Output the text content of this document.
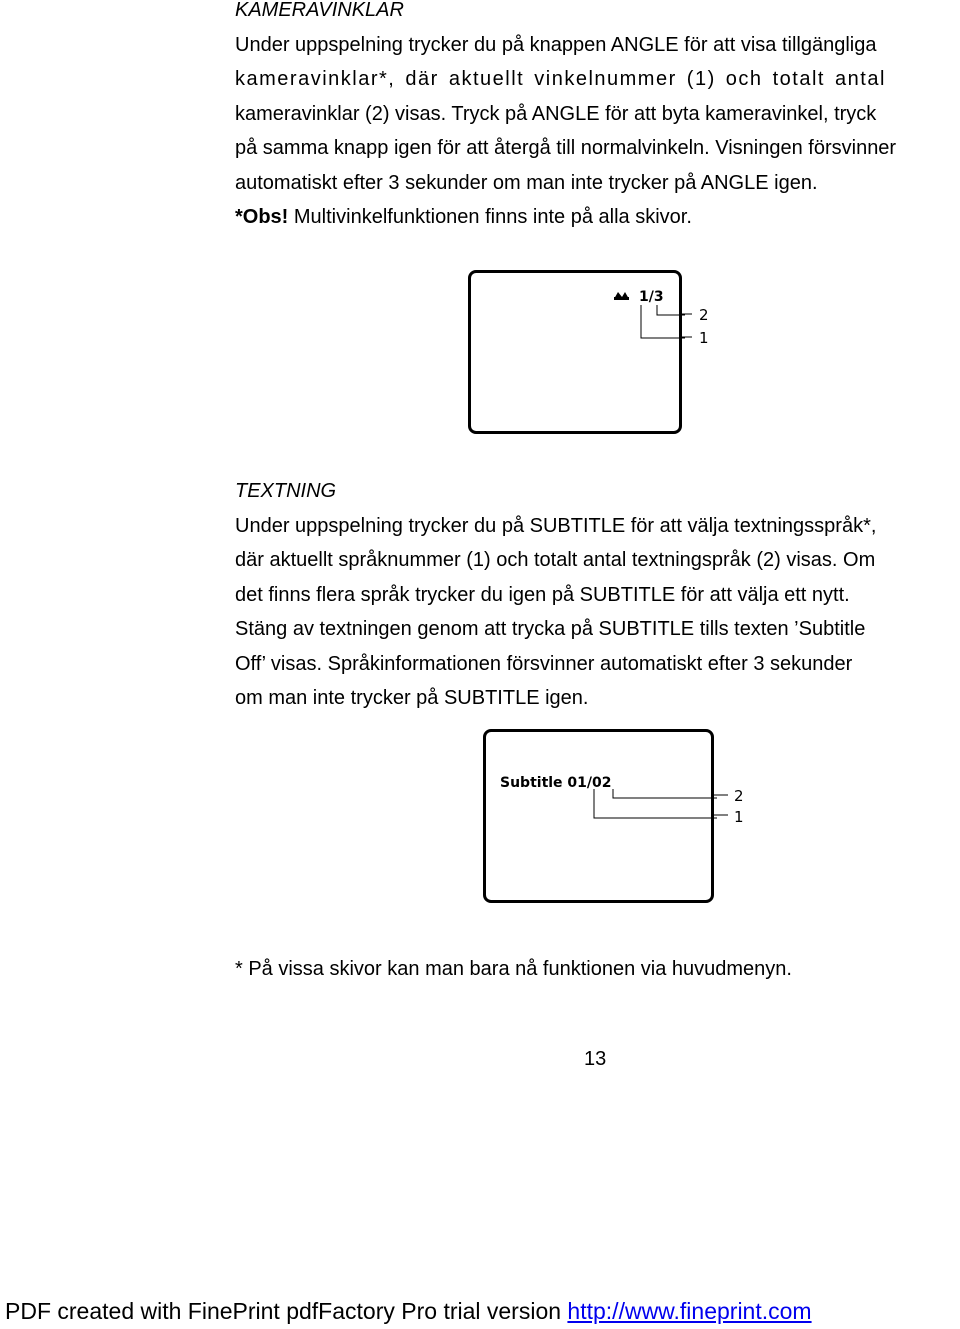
KAMERAVINKLAR
Under uppspelning trycker du på knappen ANGLE för att visa tillgängliga
kameravinklar*, där aktuellt vinkelnummer (1) och totalt antal
kameravinklar (2) visas. Tryck på ANGLE för att byta kameravinkel, tryck
på samma knapp igen för att återgå till normalvinkeln. Visningen försvinner
automatiskt efter 3 sekunder om man inte trycker på ANGLE igen.
*Obs! Multivinkelfunktionen finns inte på alla skivor.
1/3
2
1
TEXTNING
Under uppspelning trycker du på SUBTITLE för att välja textningsspråk*,
där aktuellt språknummer (1) och totalt antal textningspråk (2) visas. Om
det finns flera språk trycker du igen på SUBTITLE för att välja ett nytt.
Stäng av textningen genom att trycka på SUBTITLE tills texten ’Subtitle
Off’ visas. Språkinformationen försvinner automatiskt efter 3 sekunder
om man inte trycker på SUBTITLE igen.
Subtitle 01/02
2
1
* På vissa skivor kan man bara nå funktionen via huvudmenyn.
13
PDF created with FinePrint pdfFactory Pro trial version http://www.fineprint.com
